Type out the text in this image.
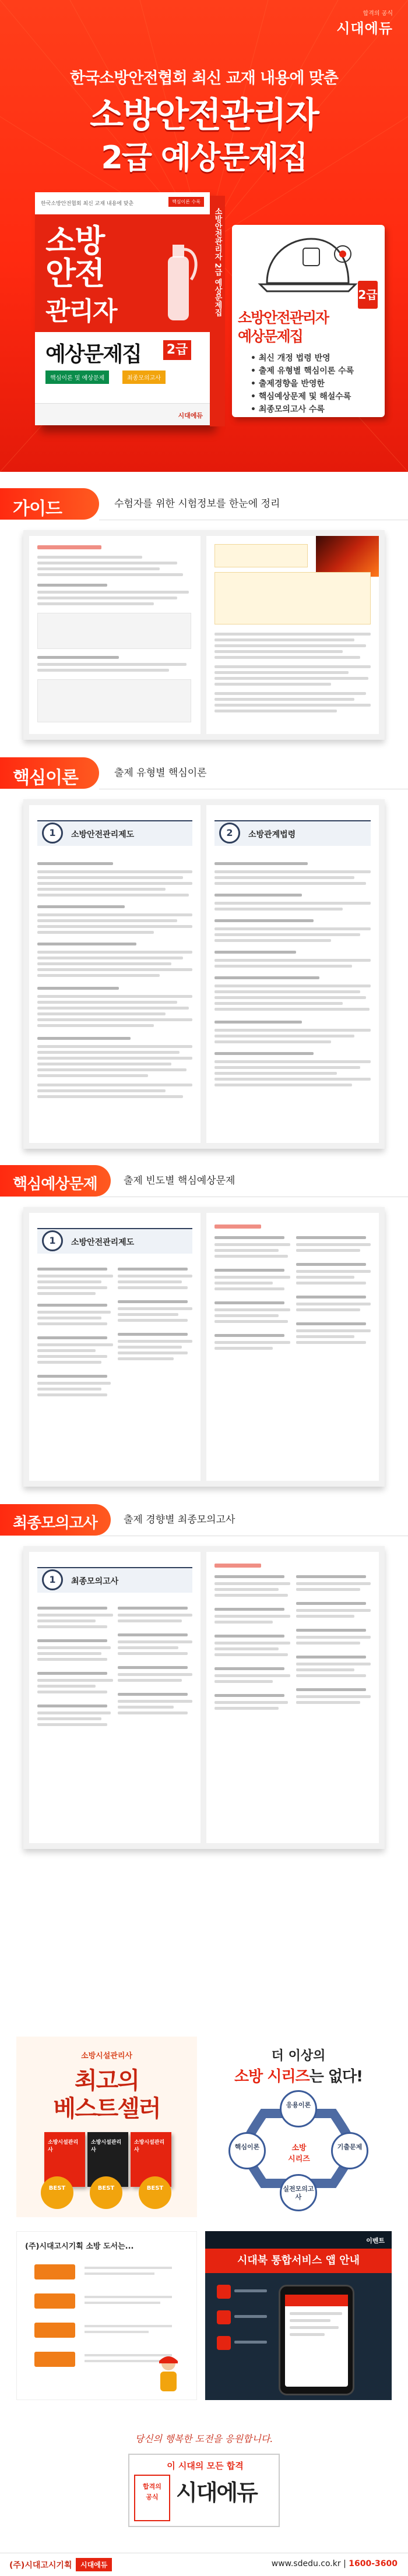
합격의 공식
시대에듀
한국소방안전협회 최신 교재 내용에 맞춘
소방안전관리자
2급 예상문제집
한국소방안전협회 최신 교재 내용에 맞춘	핵심이론 수록
소방
안전
관리자
예상문제집 2급
핵심이론 및 예상문제	최종모의고사
시대에듀
소방안전관리자 2급 예상문제집	2급
소방안전관리자
예상문제집
• 최신 개정 법령 반영
• 출제 유형별 핵심이론 수록
• 출제경향을 반영한
• 핵심예상문제 및 해설수록
• 최종모의고사 수록
가이드	수험자를 위한 시험정보를 한눈에 정리
핵심이론	출제 유형별 핵심이론
1	소방안전관리제도	2	소방관계법령
핵심예상문제	출제 빈도별 핵심예상문제
1	소방안전관리제도
최종모의고사	출제 경향별 최종모의고사
1	최종모의고사
소방시설관리사
최고의
베스트셀러
소방시설관리사
소방시설관리사
소방시설관리사
BEST	BEST	BEST
더 이상의
소방 시리즈는 없다!
응용이론
핵심이론	기출문제
실전모의고사
소방
시리즈
(주)시대고시기획 소방 도서는...
이벤트
시대북 통합서비스 앱 안내
당신의 행복한 도전을 응원합니다.
이 시대의 모든 합격
합격의
공식 시대에듀
(주)시대고시기획	시대에듀	www.sdedu.co.kr | 1600-3600
